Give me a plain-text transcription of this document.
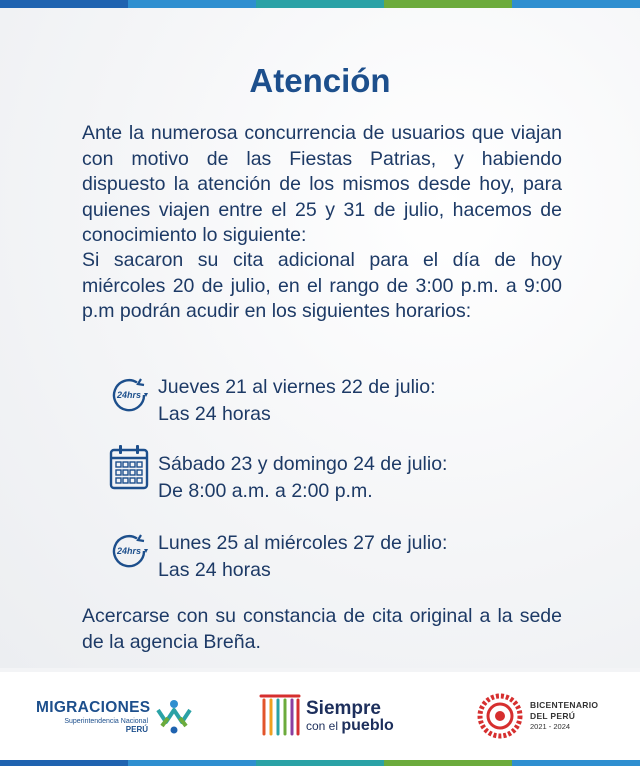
Atención

Ante la numerosa concurrencia de usuarios que viajan con motivo de las Fiestas Patrias, y habiendo dispuesto la atención de los mismos desde hoy, para quienes viajen entre el 25 y 31 de julio, hacemos de conocimiento lo siguiente:

Si sacaron su cita adicional para el día de hoy miércoles 20 de julio, en el rango de 3:00 p.m. a 9:00 p.m podrán acudir en los siguientes horarios:

24hrs Jueves 21 al viernes 22 de julio:
Las 24 horas
Sábado 23 y domingo 24 de julio:
De 8:00 a.m. a 2:00 p.m.
24hrs Lunes 25 al miércoles 27 de julio:
Las 24 horas

Acercarse con su constancia de cita original a la sede de la agencia Breña.

MIGRACIONES
Superintendencia Nacional
PERÚ
Siempre
con el pueblo
BICENTENARIO
DEL PERÚ
2021 - 2024
